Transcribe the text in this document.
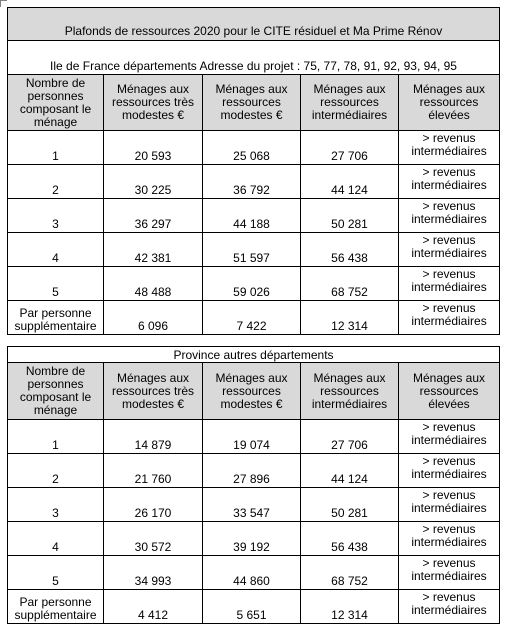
Plafonds de ressources 2020 pour le CITE résiduel et Ma Prime Rénov				
Ile de France départements Adresse du projet : 75, 77, 78, 91, 92, 93, 94, 95				
Nombre de personnes composant le ménage	Ménages aux ressources très modestes €	Ménages aux ressources modestes €	Ménages aux ressources intermédiaires	Ménages aux ressources élevées
1	20 593	25 068	27 706	> revenus intermédiaires
2	30 225	36 792	44 124	> revenus intermédiaires
3	36 297	44 188	50 281	> revenus intermédiaires
4	42 381	51 597	56 438	> revenus intermédiaires
5	48 488	59 026	68 752	> revenus intermédiaires
Par personne supplémentaire	6 096	7 422	12 314	> revenus intermédiaires
Province autres départements				
Nombre de personnes composant le ménage	Ménages aux ressources très modestes €	Ménages aux ressources modestes €	Ménages aux ressources intermédiaires	Ménages aux ressources élevées
1	14 879	19 074	27 706	> revenus intermédiaires
2	21 760	27 896	44 124	> revenus intermédiaires
3	26 170	33 547	50 281	> revenus intermédiaires
4	30 572	39 192	56 438	> revenus intermédiaires
5	34 993	44 860	68 752	> revenus intermédiaires
Par personne supplémentaire	4 412	5 651	12 314	> revenus intermédiaires
